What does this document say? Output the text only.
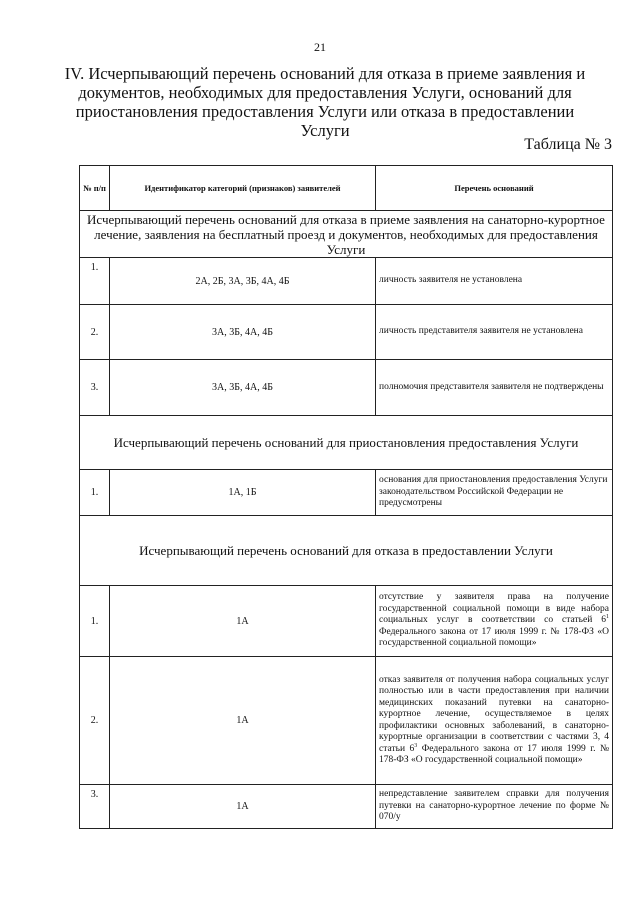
21
IV. Исчерпывающий перечень оснований для отказа в приеме заявления и документов, необходимых для предоставления Услуги, оснований для приостановления предоставления Услуги или отказа в предоставлении Услуги
Таблица № 3
№ п/п	Идентификатор категорий (признаков) заявителей	Перечень оснований
Исчерпывающий перечень оснований для отказа в приеме заявления на санаторно-курортное лечение, заявления на бесплатный проезд и документов, необходимых для предоставления Услуги		
1.	2А, 2Б, 3А, 3Б, 4А, 4Б	личность заявителя не установлена
2.	3А, 3Б, 4А, 4Б	личность представителя заявителя не установлена
3.	3А, 3Б, 4А, 4Б	полномочия представителя заявителя не подтверждены
Исчерпывающий перечень оснований для приостановления предоставления Услуги		
1.	1А, 1Б	основания для приостановления предоставления Услуги законодательством Российской Федерации не предусмотрены
Исчерпывающий перечень оснований для отказа в предоставлении Услуги		
1.	1А	отсутствие у заявителя права на получение государственной социальной помощи в виде набора социальных услуг в соответствии со статьей $6^1$ Федерального закона от 17 июля 1999 г. № 178-ФЗ «О государственной социальной помощи»
2.	1А	отказ заявителя от получения набора социальных услуг полностью или в части предоставления при наличии медицинских показаний путевки на санаторно-курортное лечение, осуществляемое в целях профилактики основных заболеваний, в санаторно-курортные организации в соответствии с частями 3, 4 статьи $6^3$ Федерального закона от 17 июля 1999 г. № 178-ФЗ «О государственной социальной помощи»
3.	1А	непредставление заявителем справки для получения путевки на санаторно-курортное лечение по форме № 070/у
